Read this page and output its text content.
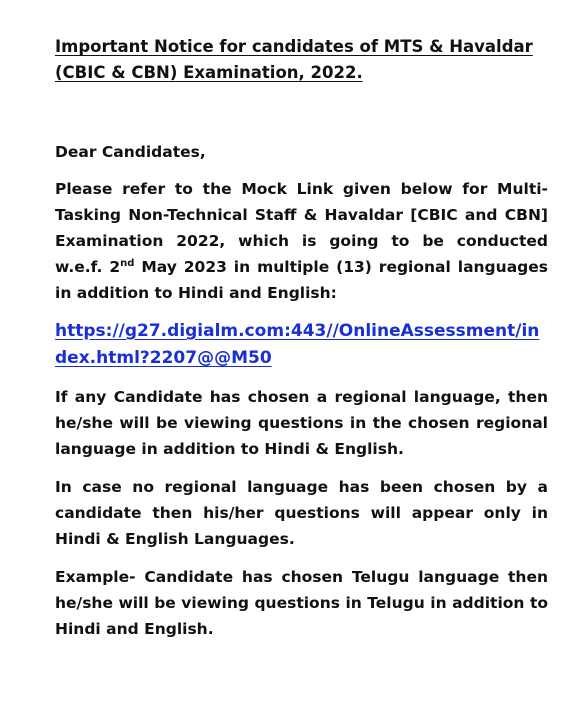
Important Notice for candidates of MTS & Havaldar
(CBIC & CBN) Examination, 2022.

Dear Candidates,

Please refer to the Mock Link given below for Multi-Tasking Non-Technical Staff & Havaldar [CBIC and CBN] Examination 2022, which is going to be conducted w.e.f. 2nd May 2023 in multiple (13) regional languages in addition to Hindi and English:

https://g27.digialm.com:443//OnlineAssessment/index.html?2207@@M50

If any Candidate has chosen a regional language, then he/she will be viewing questions in the chosen regional language in addition to Hindi & English.

In case no regional language has been chosen by a candidate then his/her questions will appear only in Hindi & English Languages.

Example- Candidate has chosen Telugu language then he/she will be viewing questions in Telugu in addition to Hindi and English.
